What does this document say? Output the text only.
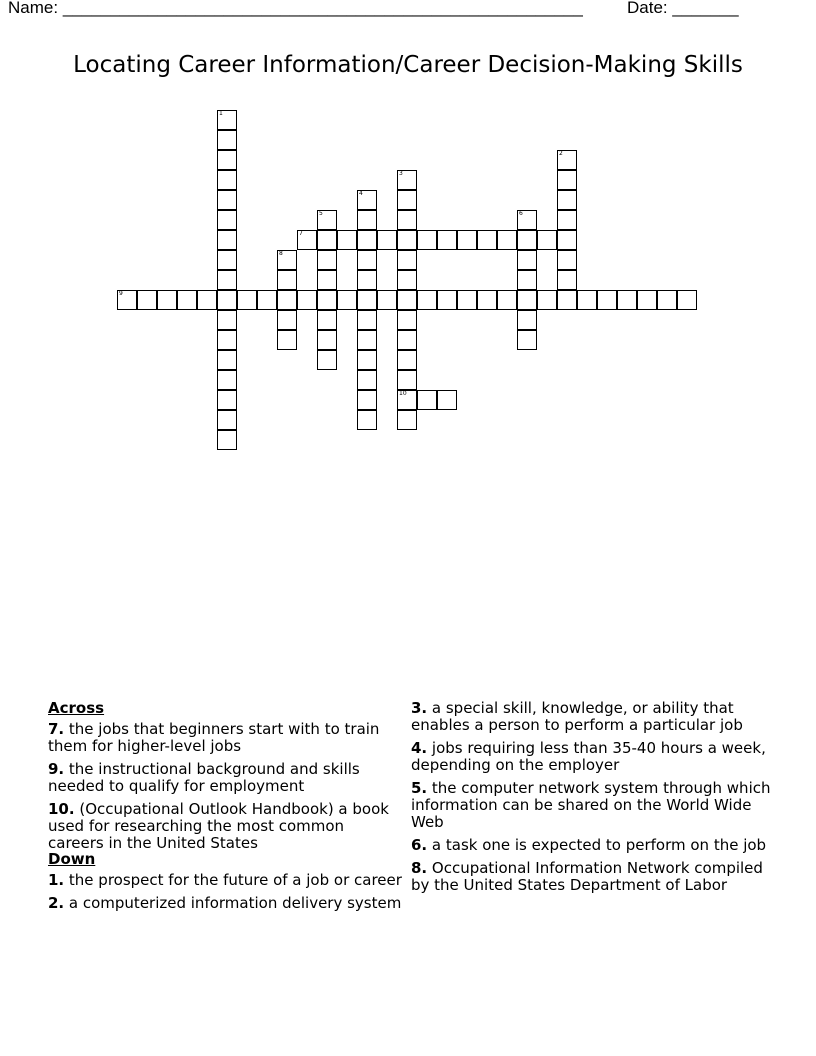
Name: _______________________________________________________	Date: _______
Locating Career Information/Career Decision-Making Skills
1
2
3
10
4
5	6
7
8
9
Across
7. the jobs that beginners start with to train them for higher-level jobs
9. the instructional background and skills needed to qualify for employment
10. (Occupational Outlook Handbook) a book used for researching the most common careers in the United States
Down
1. the prospect for the future of a job or career
2. a computerized information delivery system
3. a special skill, knowledge, or ability that enables a person to perform a particular job
4. jobs requiring less than 35-40 hours a week, depending on the employer
5. the computer network system through which information can be shared on the World Wide Web
6. a task one is expected to perform on the job
8. Occupational Information Network compiled by the United States Department of Labor
